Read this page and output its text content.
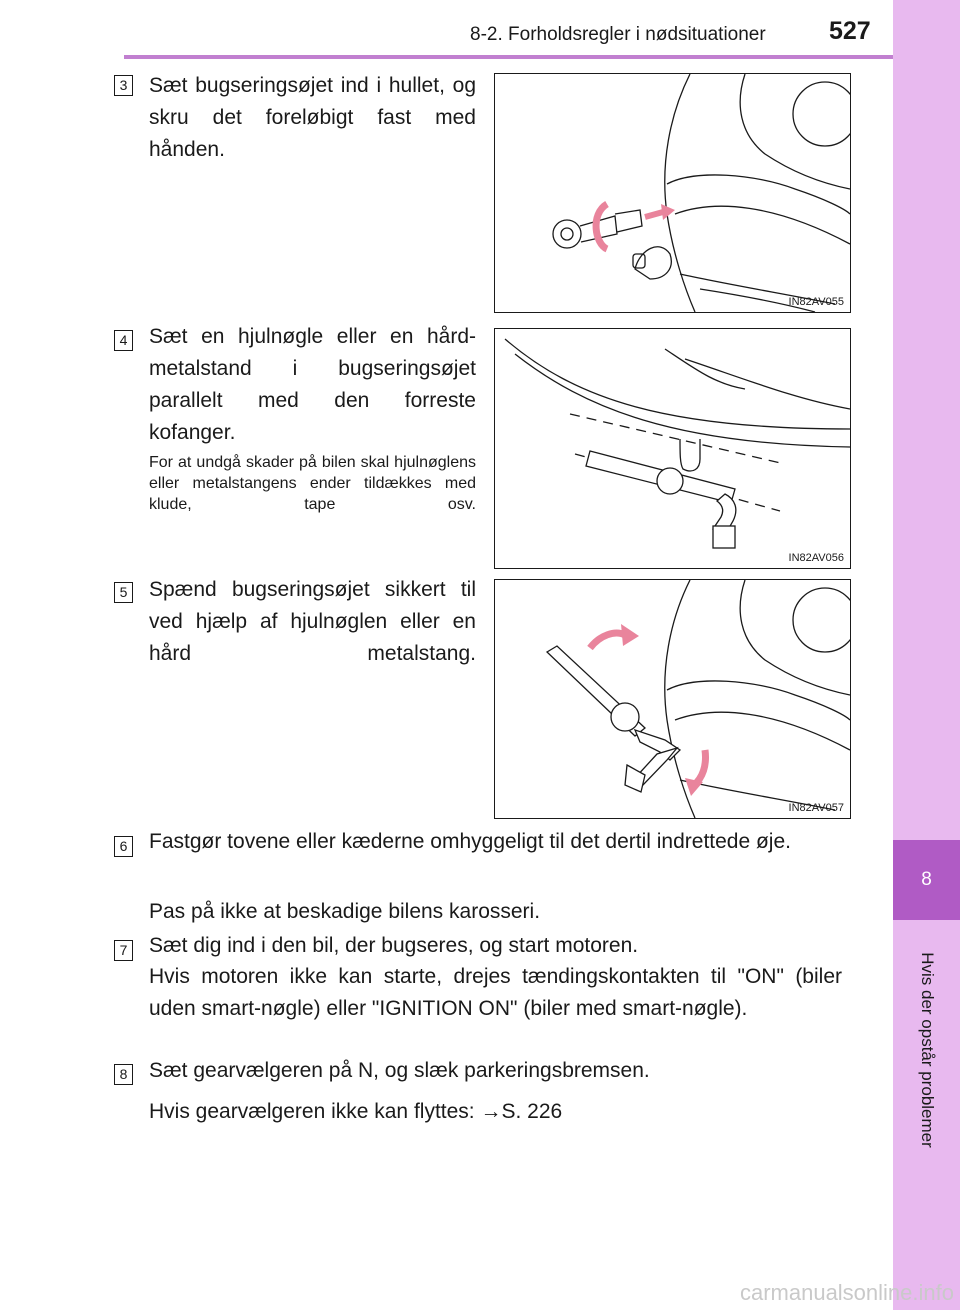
8-2. Forholdsregler i nødsituationer	527
8
Hvis der opstår problemer
3 Sæt bugseringsøjet ind i hullet, og skru det foreløbigt fast med hånden.
IN82AV055
4 Sæt en hjulnøgle eller en hård-metalstand i bugseringsøjet parallelt med den forreste kofanger.
For at undgå skader på bilen skal hjulnøglens eller metalstangens ender tildækkes med klude, tape osv.
IN82AV056
5 Spænd bugseringsøjet sikkert til ved hjælp af hjulnøglen eller en hård metalstang.
IN82AV057
6 Fastgør tovene eller kæderne omhyggeligt til det dertil indrettede øje.
Pas på ikke at beskadige bilens karosseri.
7 Sæt dig ind i den bil, der bugseres, og start motoren.
Hvis motoren ikke kan starte, drejes tændingskontakten til "ON" (biler uden smart-nøgle) eller "IGNITION ON" (biler med smart-nøgle).
8 Sæt gearvælgeren på N, og slæk parkeringsbremsen.
Hvis gearvælgeren ikke kan flyttes: →S. 226
carmanualsonline.info
